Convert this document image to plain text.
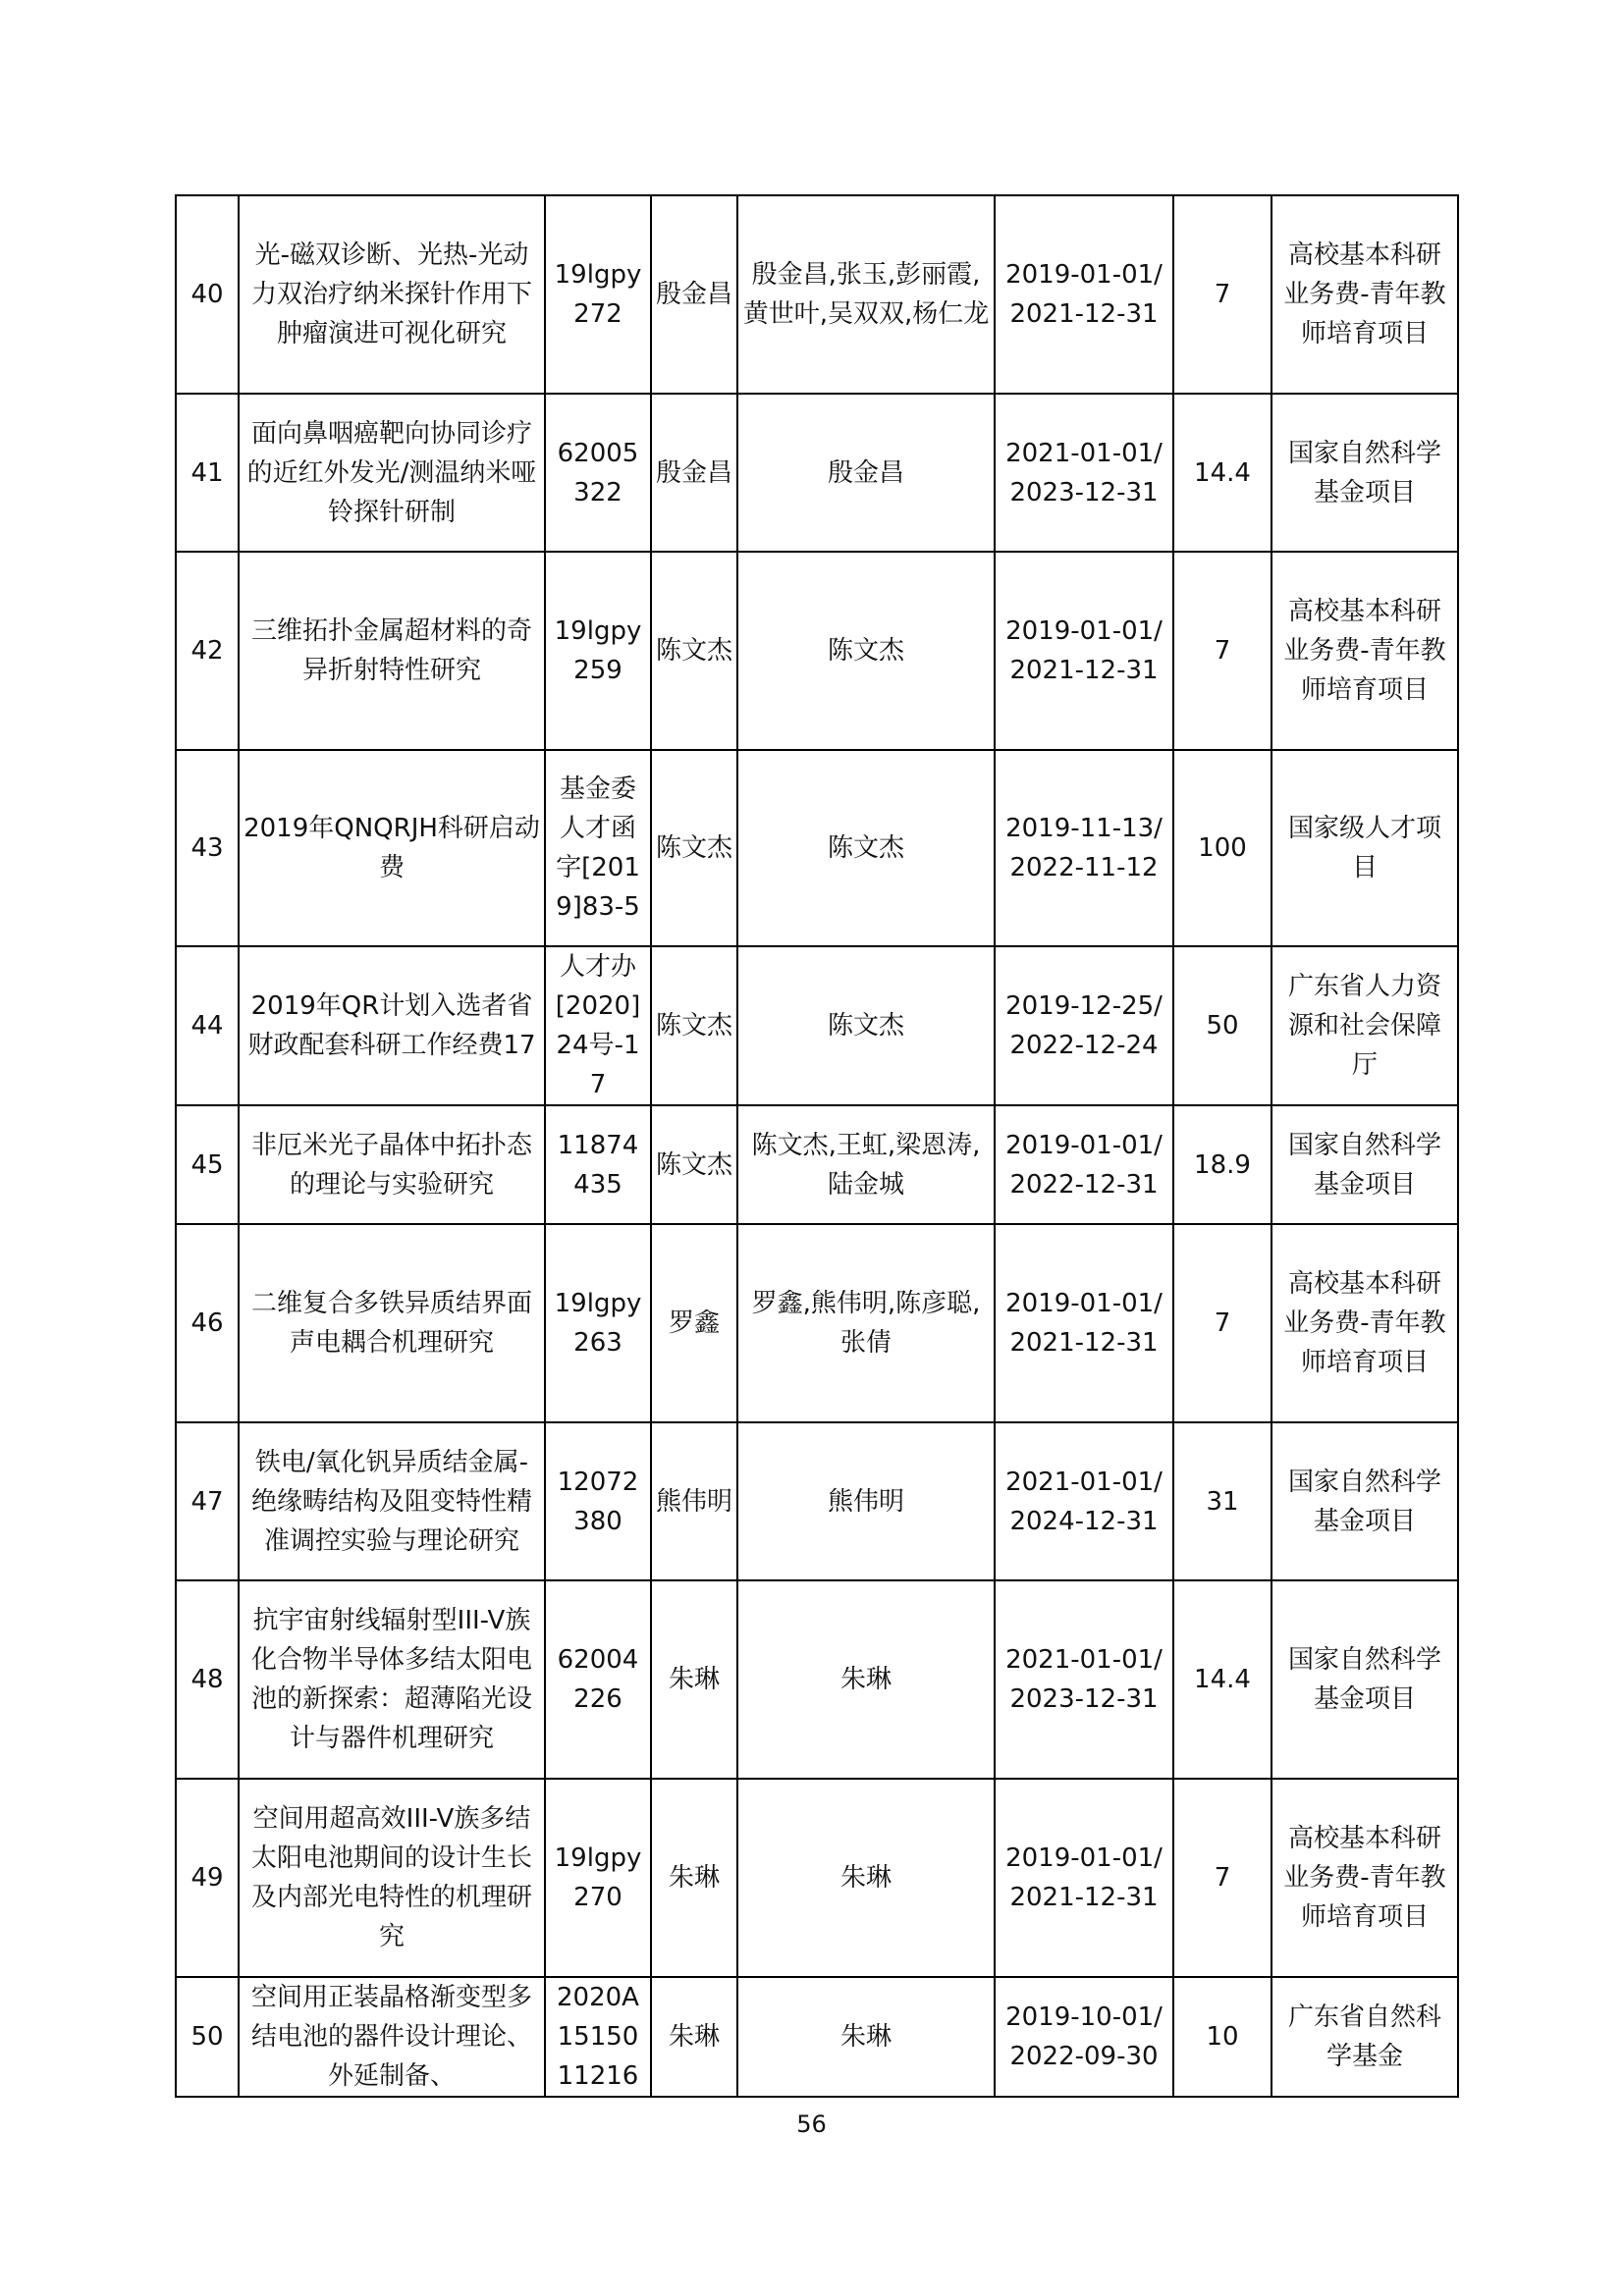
40	光-磁双诊断、光热-光动力双治疗纳米探针作用下肿瘤演进可视化研究	19lgpy272	殷金昌	殷金昌,张玉,彭丽霞,黄世叶,吴双双,杨仁龙	2019-01-01/2021-12-31	7	高校基本科研业务费-青年教师培育项目
41	面向鼻咽癌靶向协同诊疗的近红外发光/测温纳米哑铃探针研制	62005322	殷金昌	殷金昌	2021-01-01/2023-12-31	14.4	国家自然科学基金项目
42	三维拓扑金属超材料的奇异折射特性研究	19lgpy259	陈文杰	陈文杰	2019-01-01/2021-12-31	7	高校基本科研业务费-青年教师培育项目
43	2019年QNQRJH科研启动费	基金委人才函字[2019]83-5	陈文杰	陈文杰	2019-11-13/2022-11-12	100	国家级人才项目
44	2019年QR计划入选者省财政配套科研工作经费17	人才办[2020]24号-17	陈文杰	陈文杰	2019-12-25/2022-12-24	50	广东省人力资源和社会保障厅
45	非厄米光子晶体中拓扑态的理论与实验研究	11874435	陈文杰	陈文杰,王虹,梁恩涛,陆金城	2019-01-01/2022-12-31	18.9	国家自然科学基金项目
46	二维复合多铁异质结界面声电耦合机理研究	19lgpy263	罗鑫	罗鑫,熊伟明,陈彦聪,张倩	2019-01-01/2021-12-31	7	高校基本科研业务费-青年教师培育项目
47	铁电/氧化钒异质结金属-绝缘畴结构及阻变特性精准调控实验与理论研究	12072380	熊伟明	熊伟明	2021-01-01/2024-12-31	31	国家自然科学基金项目
48	抗宇宙射线辐射型III-V族化合物半导体多结太阳电池的新探索：超薄陷光设计与器件机理研究	62004226	朱琳	朱琳	2021-01-01/2023-12-31	14.4	国家自然科学基金项目
49	空间用超高效III-V族多结太阳电池期间的设计生长及内部光电特性的机理研究	19lgpy270	朱琳	朱琳	2019-01-01/2021-12-31	7	高校基本科研业务费-青年教师培育项目
50	空间用正装晶格渐变型多结电池的器件设计理论、外延制备、	2020A1515011216	朱琳	朱琳	2019-10-01/2022-09-30	10	广东省自然科学基金
56
